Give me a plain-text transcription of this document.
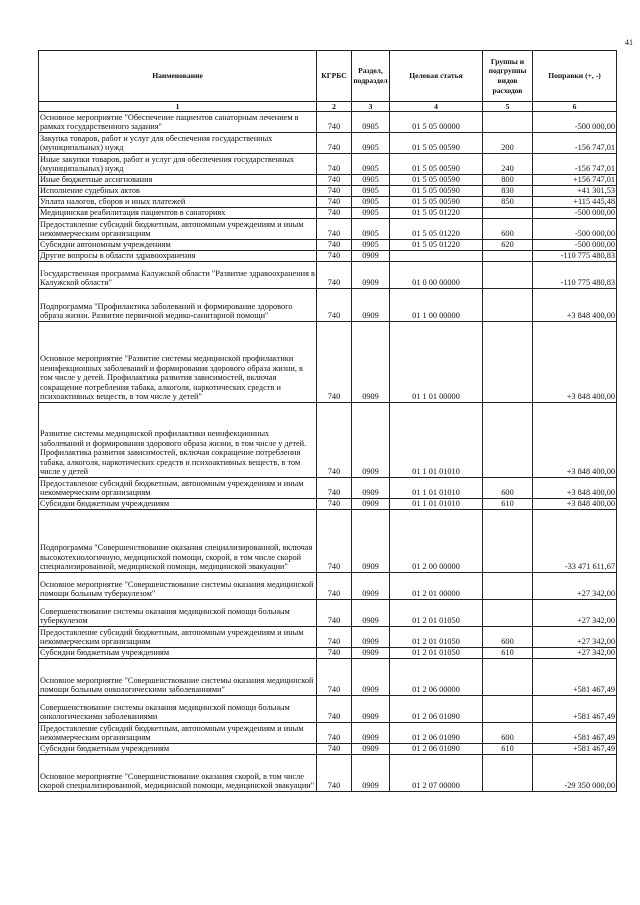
41
Наименование	КГРБС	Раздел, подраздел	Целевая статья	Группы и подгруппы видов расходов	Поправки (+, -)
1	2	3	4	5	6
Основное мероприятие "Обеспечение пациентов санаторным лечением в рамках государственного задания"	740	0905	01 5 05 00000		-500 000,00
Закупка товаров, работ и услуг для обеспечения государственных (муниципальных) нужд	740	0905	01 5 05 00590	200	-156 747,01
Иные закупки товаров, работ и услуг для обеспечения государственных (муниципальных) нужд	740	0905	01 5 05 00590	240	-156 747,01
Иные бюджетные ассигнования	740	0905	01 5 05 00590	800	+156 747,01
Исполнение судебных актов	740	0905	01 5 05 00590	830	+41 301,53
Уплата налогов, сборов и иных платежей	740	0905	01 5 05 00590	850	+115 445,48
Медицинская реабилитация пациентов в санаториях	740	0905	01 5 05 01220		-500 000,00
Предоставление субсидий бюджетным, автономным учреждениям и иным некоммерческим организациям	740	0905	01 5 05 01220	600	-500 000,00
Субсидии автономным учреждениям	740	0905	01 5 05 01220	620	-500 000,00
Другие вопросы в области здравоохранения	740	0909			-110 775 480,83
Государственная программа Калужской области "Развитие здравоохранения в Калужской области"	740	0909	01 0 00 00000		-110 775 480,83
Подпрограмма "Профилактика заболеваний и формирование здорового образа жизни. Развитие первичной медико-санитарной помощи"	740	0909	01 1 00 00000		+3 848 400,00
Основное мероприятие "Развитие системы медицинской профилактики неинфекционных заболеваний и формирования здорового образа жизни, в том числе у детей. Профилактика развития зависимостей, включая сокращение потребления табака, алкоголя, наркотических средств и психоактивных веществ, в том числе у детей"	740	0909	01 1 01 00000		+3 848 400,00
Развитие системы медицинской профилактики неинфекционных заболеваний и формирования здорового образа жизни, в том числе у детей. Профилактика развития зависимостей, включая сокращение потребления табака, алкоголя, наркотических средств и психоактивных веществ, в том числе у детей	740	0909	01 1 01 01010		+3 848 400,00
Предоставление субсидий бюджетным, автономным учреждениям и иным некоммерческим организациям	740	0909	01 1 01 01010	600	+3 848 400,00
Субсидии бюджетным учреждениям	740	0909	01 1 01 01010	610	+3 848 400,00
Подпрограмма "Совершенствование оказания специализированной, включая высокотехнологичную, медицинской помощи, скорой, в том числе скорой специализированной, медицинской помощи, медицинской эвакуации"	740	0909	01 2 00 00000		-33 471 611,67
Основное мероприятие "Совершенствование системы оказания медицинской помощи больным туберкулезом"	740	0909	01 2 01 00000		+27 342,00
Совершенствование системы оказания медицинской помощи больным туберкулезом	740	0909	01 2 01 01050		+27 342,00
Предоставление субсидий бюджетным, автономным учреждениям и иным некоммерческим организациям	740	0909	01 2 01 01050	600	+27 342,00
Субсидии бюджетным учреждениям	740	0909	01 2 01 01050	610	+27 342,00
Основное мероприятие "Совершенствование системы оказания медицинской помощи больным онкологическими заболеваниями"	740	0909	01 2 06 00000		+581 467,49
Совершенствование системы оказания медицинской помощи больным онкологическими заболеваниями	740	0909	01 2 06 01090		+581 467,49
Предоставление субсидий бюджетным, автономным учреждениям и иным некоммерческим организациям	740	0909	01 2 06 01090	600	+581 467,49
Субсидии бюджетным учреждениям	740	0909	01 2 06 01090	610	+581 467,49
Основное мероприятие "Совершенствование оказания скорой, в том числе скорой специализированной, медицинской помощи, медицинской эвакуации"	740	0909	01 2 07 00000		-29 350 000,00
